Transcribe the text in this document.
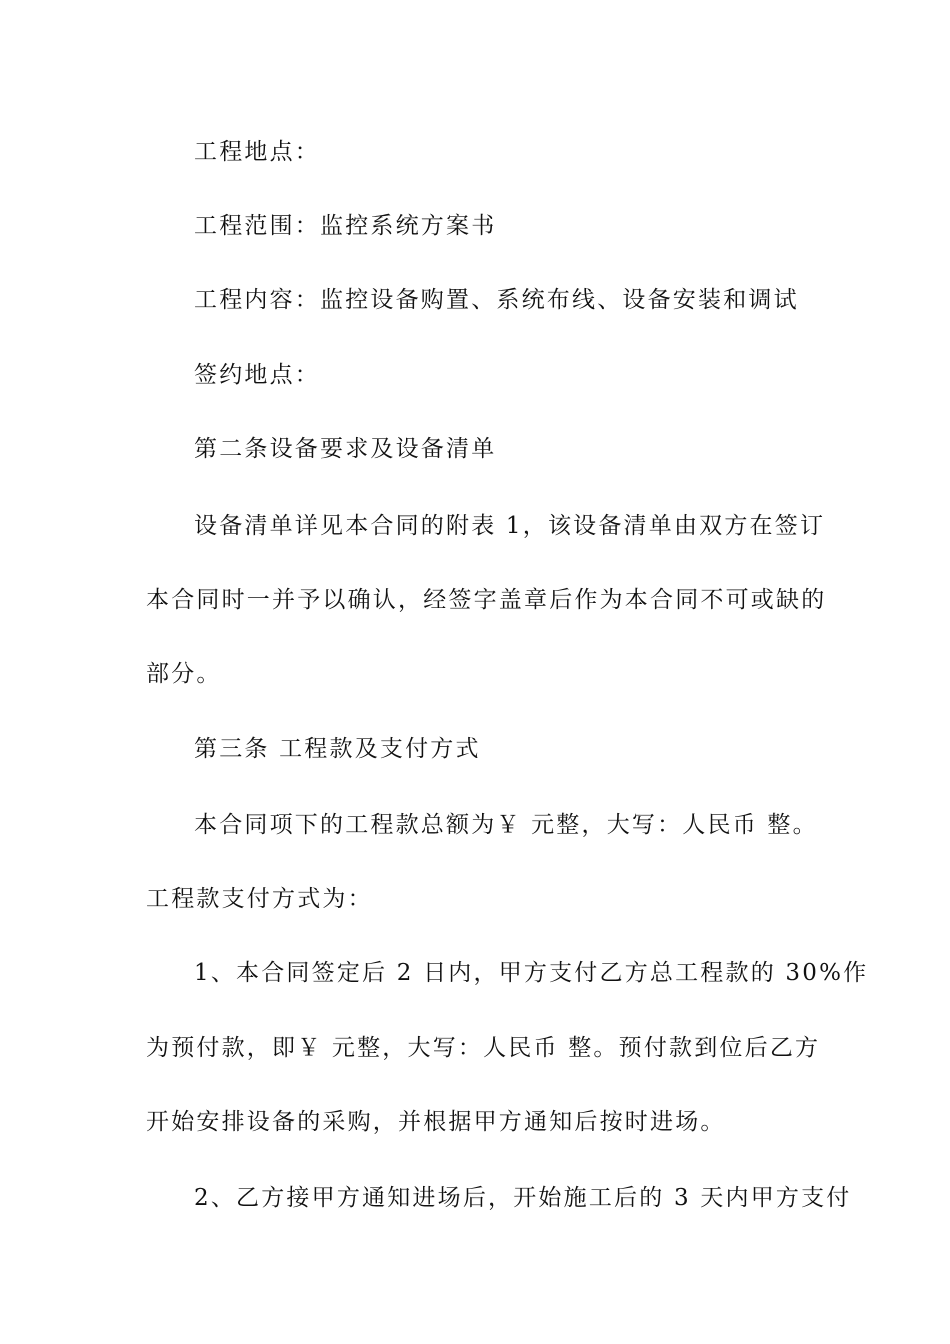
工程地点：
工程范围：监控系统方案书
工程内容：监控设备购置、系统布线、设备安装和调试
签约地点：
第二条设备要求及设备清单
设备清单详见本合同的附表 1，该设备清单由双方在签订
本合同时一并予以确认，经签字盖章后作为本合同不可或缺的
部分。
第三条 工程款及支付方式
本合同项下的工程款总额为￥ 元整，大写：人民币 整。
工程款支付方式为：
1、本合同签定后 2 日内，甲方支付乙方总工程款的 30%作
为预付款，即￥ 元整，大写：人民币 整。预付款到位后乙方
开始安排设备的采购，并根据甲方通知后按时进场。
2、乙方接甲方通知进场后，开始施工后的 3 天内甲方支付
